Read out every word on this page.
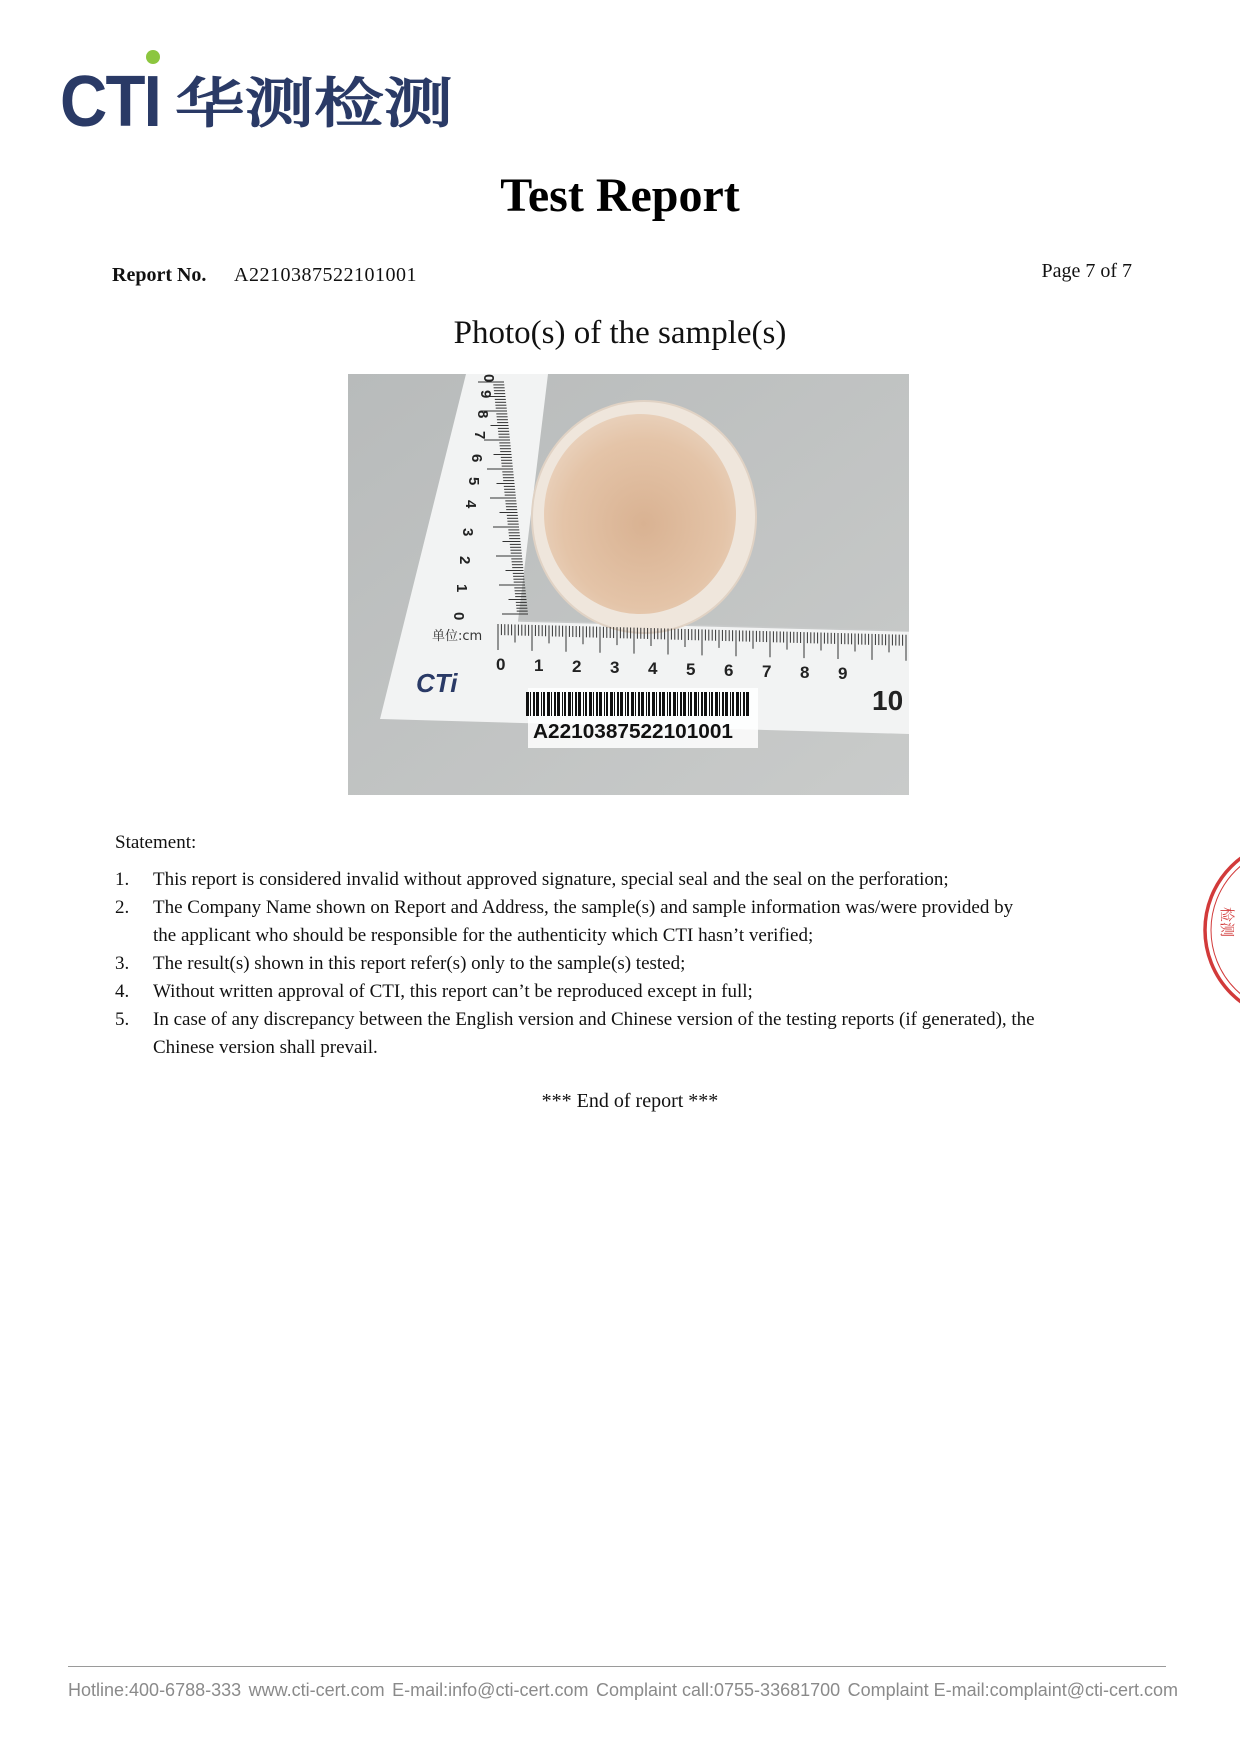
CTI 华测检测
Test Report
Report No. A2210387522101001	Page 7 of 7
Photo(s) of the sample(s)
0 1 2 3 4 5 6 7 8 9
10
0
1
2
3
4
5
6
7
8
9
0
单位:cm
CTi
A2210387522101001
Statement:
1. This report is considered invalid without approved signature, special seal and the seal on the perforation;
2. The Company Name shown on Report and Address, the sample(s) and sample information was/were provided by the applicant who should be responsible for the authenticity which CTI hasn’t verified;
3. The result(s) shown in this report refer(s) only to the sample(s) tested;
4. Without written approval of CTI, this report can’t be reproduced except in full;
5. In case of any discrepancy between the English version and Chinese version of the testing reports (if generated), the Chinese version shall prevail.
*** End of report ***
检测
Hotline:400-6788-333 www.cti-cert.com E-mail:info@cti-cert.com Complaint call:0755-33681700 Complaint E-mail:complaint@cti-cert.com
